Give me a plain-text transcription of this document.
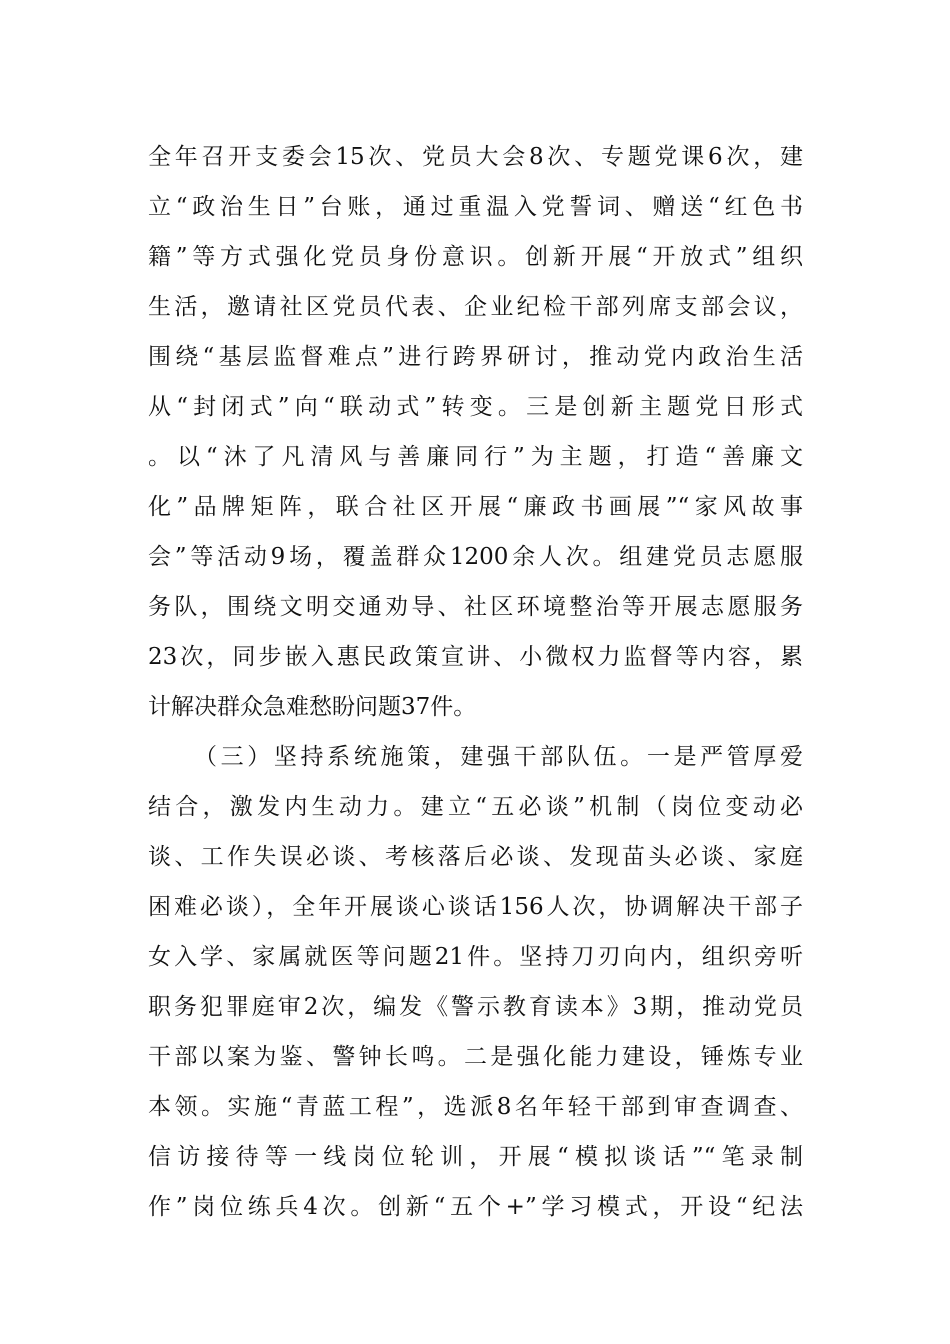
全年召开支委会15次、党员大会8次、专题党课6次，建
立“政治生日”台账，通过重温入党誓词、赠送“红色书
籍”等方式强化党员身份意识。创新开展“开放式”组织
生活，邀请社区党员代表、企业纪检干部列席支部会议，
围绕“基层监督难点”进行跨界研讨，推动党内政治生活
从“封闭式”向“联动式”转变。三是创新主题党日形式
。以“沐了凡清风与善廉同行”为主题，打造“善廉文
化”品牌矩阵，联合社区开展“廉政书画展”“家风故事
会”等活动9场，覆盖群众1200余人次。组建党员志愿服
务队，围绕文明交通劝导、社区环境整治等开展志愿服务
23次，同步嵌入惠民政策宣讲、小微权力监督等内容，累
计解决群众急难愁盼问题37件。
（三）坚持系统施策，建强干部队伍。一是严管厚爱
结合，激发内生动力。建立“五必谈”机制（岗位变动必
谈、工作失误必谈、考核落后必谈、发现苗头必谈、家庭
困难必谈），全年开展谈心谈话156人次，协调解决干部子
女入学、家属就医等问题21件。坚持刀刃向内，组织旁听
职务犯罪庭审2次，编发《警示教育读本》3期，推动党员
干部以案为鉴、警钟长鸣。二是强化能力建设，锤炼专业
本领。实施“青蓝工程”，选派8名年轻干部到审查调查、
信访接待等一线岗位轮训，开展“模拟谈话”“笔录制
作”岗位练兵4次。创新“五个+”学习模式，开设“纪法
